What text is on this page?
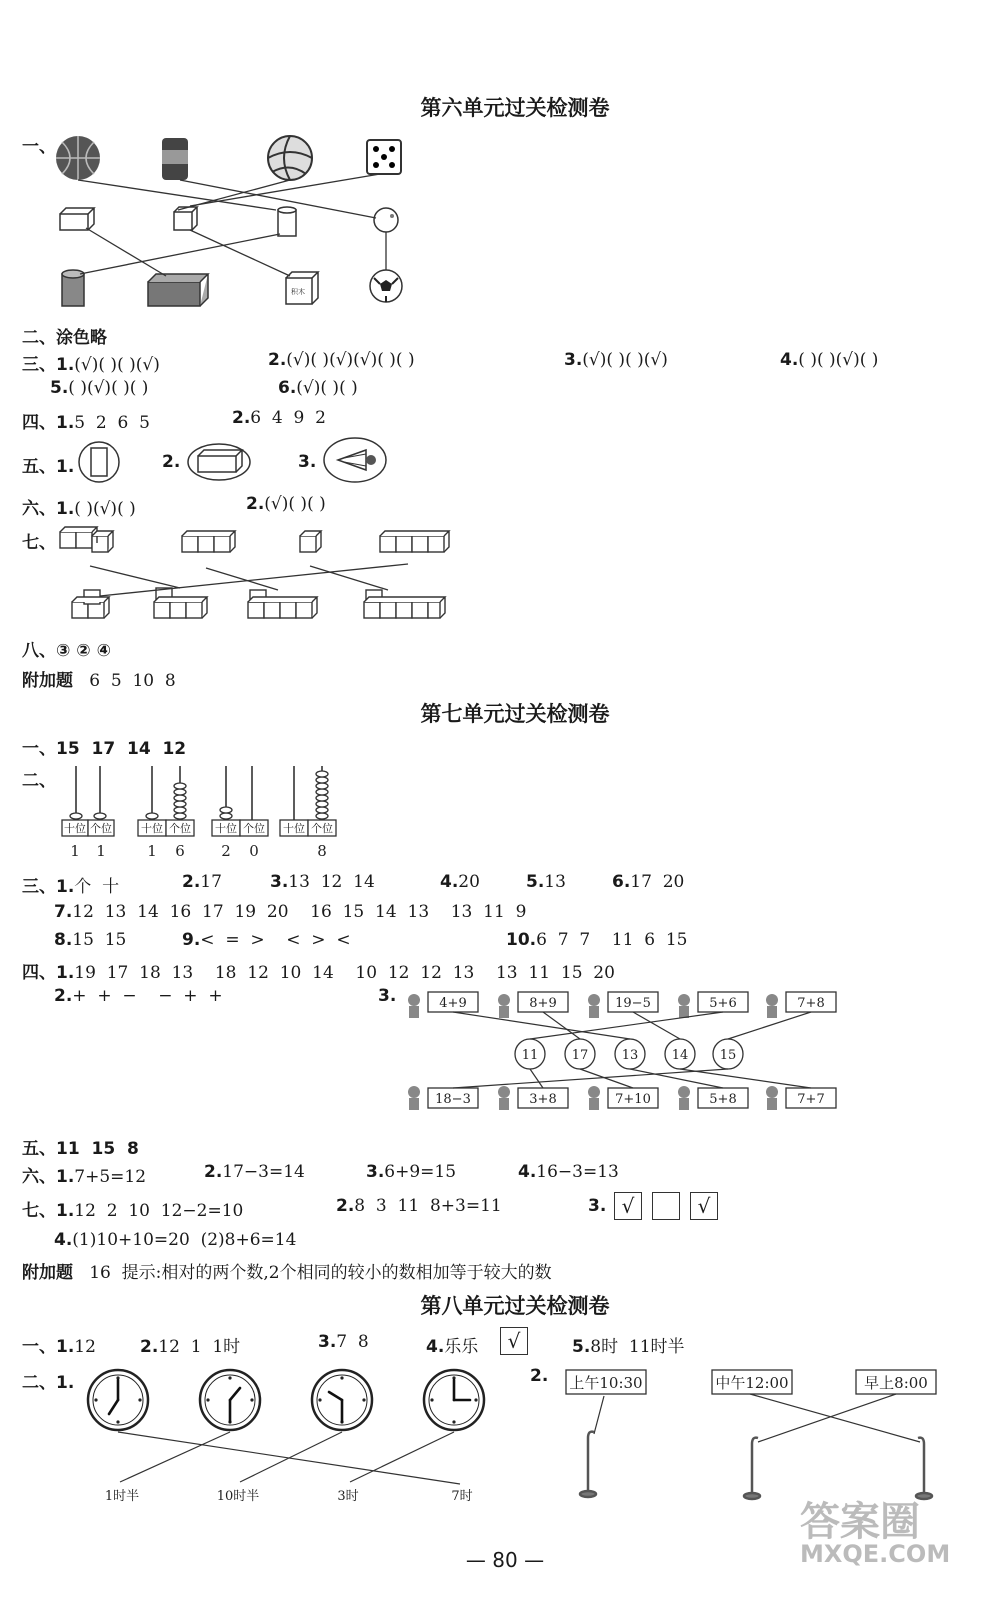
第六单元过关检测卷
一、
积木
二、涂色略
三、1.(√)( )( )(√)	2.(√)( )(√)(√)( )( )	3.(√)( )( )(√)	4.( )( )(√)( )
5.( )(√)( )( )	6.(√)( )( )
四、1.5  2  6  5	2.6  4  9  2
五、1.	2.	3.
六、1.( )(√)( )	2.(√)( )( )
七、
八、③ ② ④
附加题 6  5  10  8
第七单元过关检测卷
一、15  17  14  12
二、
十位 个位	十位 个位 十位 个位 十位 个位
1 1	1 6 2 0	8
三、1.个  十	2.17	3.13  12  14	4.20	5.13	6.17  20
7.12  13  14  16  17  19  20    16  15  14  13    13  11  9
8.15  15	9.<  =  >    <  >  <	10.6  7  7    11  6  15
四、1.19  17  18  13    18  12  10  14    10  12  12  13    13  11  15  20
2.+  +  −    −  +  +	3.	4+9	8+9	19−5	5+6	7+8
11	17	13	14 15
18−3	3+8	7+10	5+8	7+7
五、11  15  8
六、1.7+5=12	2.17−3=14	3.6+9=15	4.16−3=13
七、1.12  2  10  12−2=10	2.8  3  11  8+3=11	3. √	√
4.(1)10+10=20  (2)8+6=14
附加题 16  提示:相对的两个数,2个相同的较小的数相加等于较大的数
第八单元过关检测卷
一、1.12	2.12  1  1时	3.7  8	4.乐乐	√	5.8时  11时半
二、1.
1时半	10时半	3时	7时
2. 上午10:30	中午12:00	早上8:00
答案圈
MXQE.COM
— 80 —
